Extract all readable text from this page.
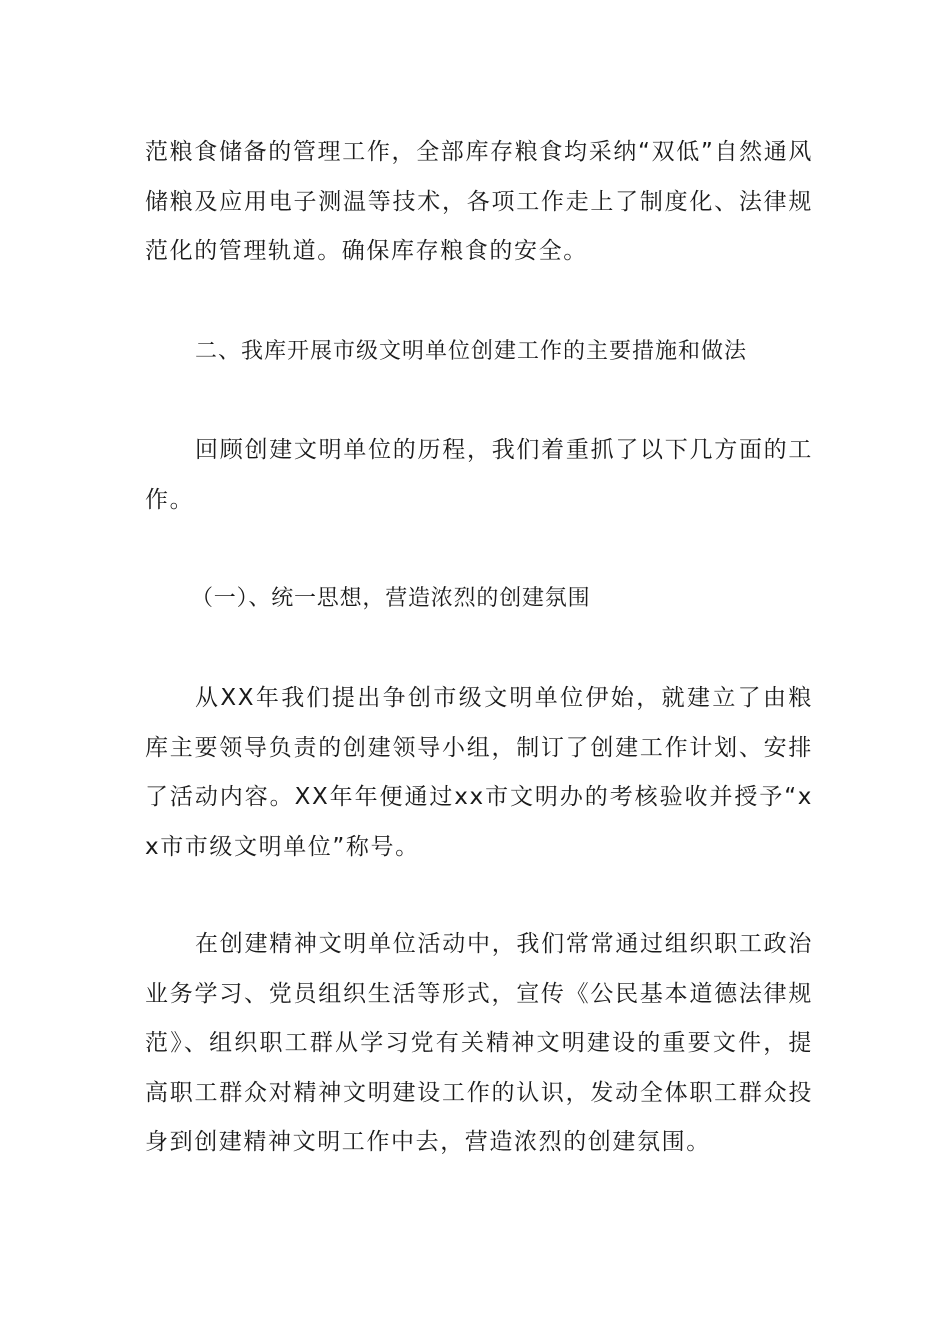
范粮食储备的管理工作，全部库存粮食均采纳“双低”自然通风储粮及应用电子测温等技术，各项工作走上了制度化、法律规范化的管理轨道。确保库存粮食的安全。

二、我库开展市级文明单位创建工作的主要措施和做法

回顾创建文明单位的历程，我们着重抓了以下几方面的工作。

（一）、统一思想，营造浓烈的创建氛围

从XX年我们提出争创市级文明单位伊始，就建立了由粮库主要领导负责的创建领导小组，制订了创建工作计划、安排了活动内容。XX年年便通过xx市文明办的考核验收并授予“xx市市级文明单位”称号。

在创建精神文明单位活动中，我们常常通过组织职工政治业务学习、党员组织生活等形式，宣传《公民基本道德法律规范》、组织职工群从学习党有关精神文明建设的重要文件，提高职工群众对精神文明建设工作的认识，发动全体职工群众投身到创建精神文明工作中去，营造浓烈的创建氛围。
